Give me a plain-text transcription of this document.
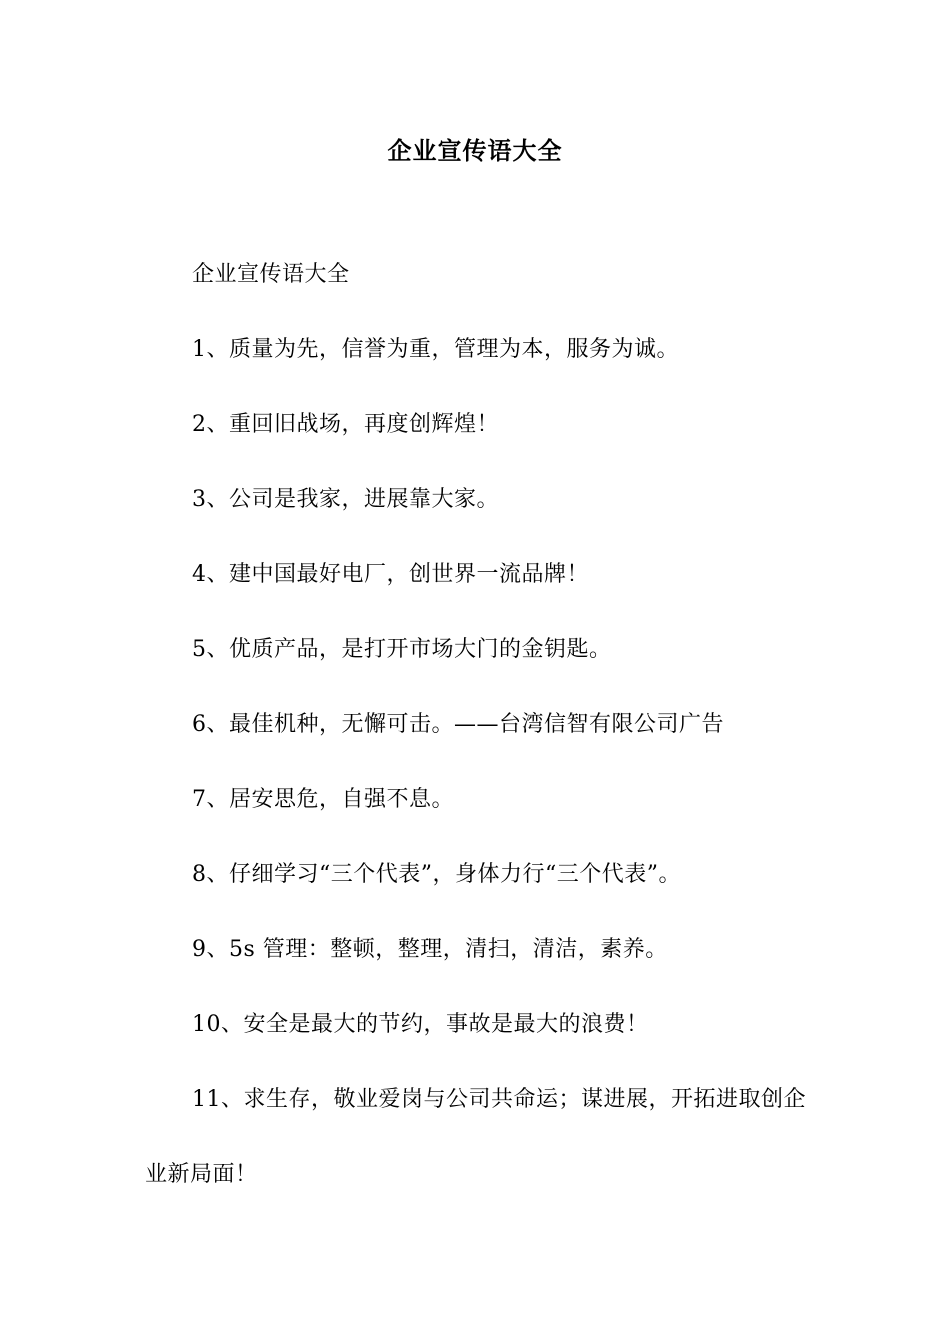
企业宣传语大全

企业宣传语大全

1、质量为先，信誉为重，管理为本，服务为诚。

2、重回旧战场，再度创辉煌！

3、公司是我家，进展靠大家。

4、建中国最好电厂，创世界一流品牌！

5、优质产品，是打开市场大门的金钥匙。

6、最佳机种，无懈可击。——台湾信智有限公司广告

7、居安思危，自强不息。

8、仔细学习“三个代表”，身体力行“三个代表”。

9、5s 管理：整顿，整理，清扫，清洁，素养。

10、安全是最大的节约，事故是最大的浪费！

11、求生存，敬业爱岗与公司共命运；谋进展，开拓进取创企业新局面！
